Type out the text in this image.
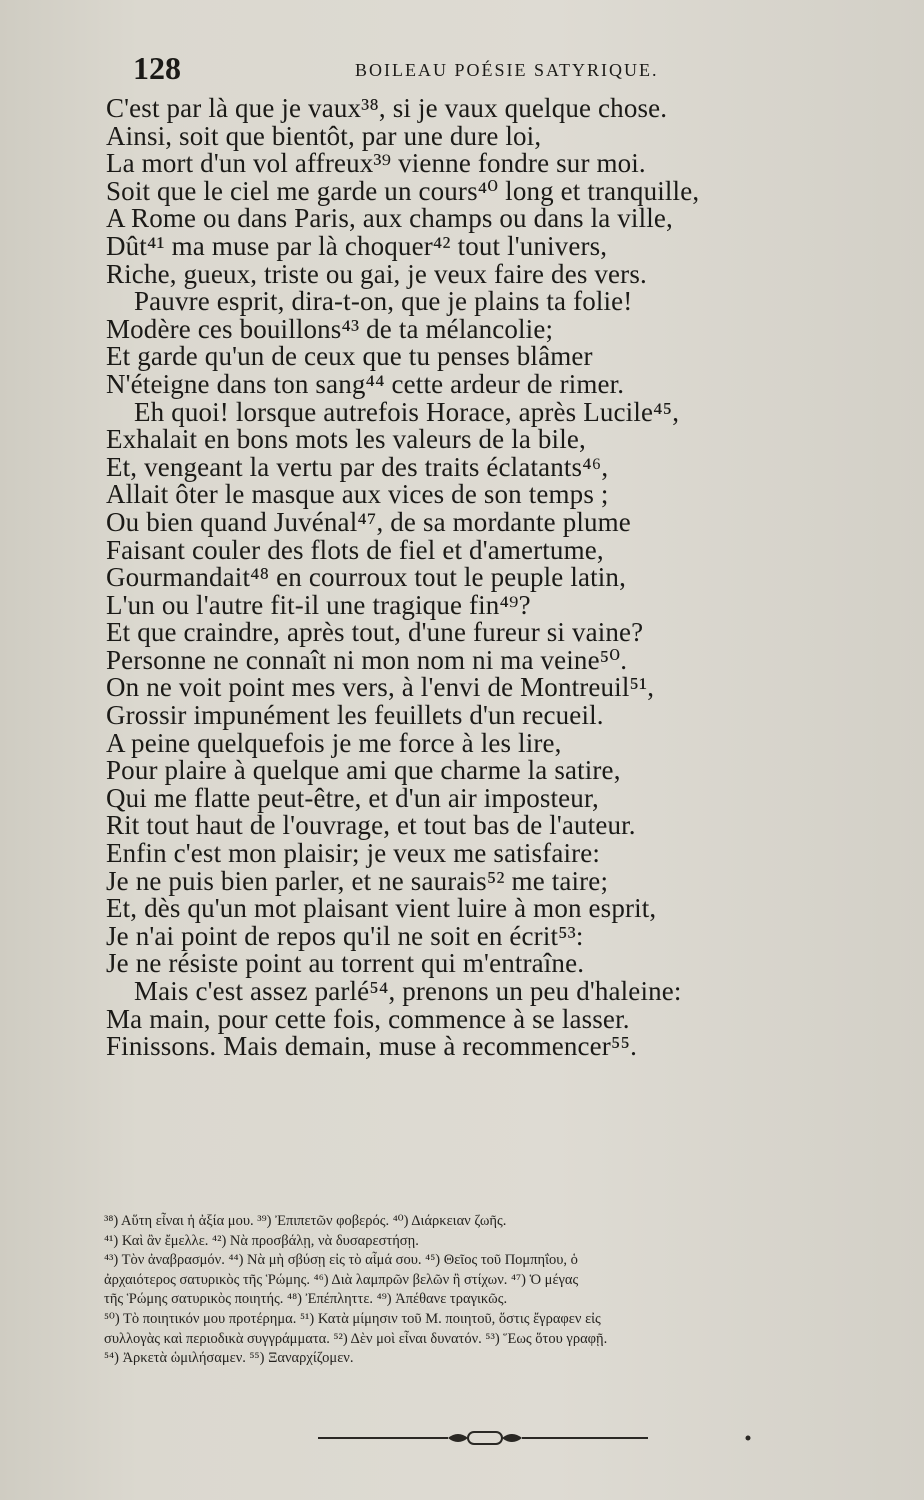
128	BOILEAU POÉSIE SATYRIQUE.
C'est par là que je vaux³⁸, si je vaux quelque chose.
Ainsi, soit que bientôt, par une dure loi,
La mort d'un vol affreux³⁹ vienne fondre sur moi.
Soit que le ciel me garde un cours⁴⁰ long et tranquille,
A Rome ou dans Paris, aux champs ou dans la ville,
Dût⁴¹ ma muse par là choquer⁴² tout l'univers,
Riche, gueux, triste ou gai, je veux faire des vers.
Pauvre esprit, dira-t-on, que je plains ta folie!
Modère ces bouillons⁴³ de ta mélancolie;
Et garde qu'un de ceux que tu penses blâmer
N'éteigne dans ton sang⁴⁴ cette ardeur de rimer.
Eh quoi! lorsque autrefois Horace, après Lucile⁴⁵,
Exhalait en bons mots les valeurs de la bile,
Et, vengeant la vertu par des traits éclatants⁴⁶,
Allait ôter le masque aux vices de son temps ;
Ou bien quand Juvénal⁴⁷, de sa mordante plume
Faisant couler des flots de fiel et d'amertume,
Gourmandait⁴⁸ en courroux tout le peuple latin,
L'un ou l'autre fit-il une tragique fin⁴⁹?
Et que craindre, après tout, d'une fureur si vaine?
Personne ne connaît ni mon nom ni ma veine⁵⁰.
On ne voit point mes vers, à l'envi de Montreuil⁵¹,
Grossir impunément les feuillets d'un recueil.
A peine quelquefois je me force à les lire,
Pour plaire à quelque ami que charme la satire,
Qui me flatte peut-être, et d'un air imposteur,
Rit tout haut de l'ouvrage, et tout bas de l'auteur.
Enfin c'est mon plaisir; je veux me satisfaire:
Je ne puis bien parler, et ne saurais⁵² me taire;
Et, dès qu'un mot plaisant vient luire à mon esprit,
Je n'ai point de repos qu'il ne soit en écrit⁵³:
Je ne résiste point au torrent qui m'entraîne.
Mais c'est assez parlé⁵⁴, prenons un peu d'haleine:
Ma main, pour cette fois, commence à se lasser.
Finissons. Mais demain, muse à recommencer⁵⁵.
³⁸) Αὕτη εἶναι ἡ ἀξία μου. ³⁹) Ἐπιπετῶν φοβερός. ⁴⁰) Διάρκειαν ζωῆς.
⁴¹) Καὶ ἂν ἔμελλε. ⁴²) Νὰ προσβάλῃ, νὰ δυσαρεστήσῃ.
⁴³) Τὸν ἀναβρασμόν. ⁴⁴) Νὰ μὴ σβύσῃ εἰς τὸ αἷμά σου. ⁴⁵) Θεῖος τοῦ Πομπηΐου, ὁ
ἀρχαιότερος σατυρικὸς τῆς Ῥώμης. ⁴⁶) Διὰ λαμπρῶν βελῶν ἢ στίχων. ⁴⁷) Ὁ μέγας
τῆς Ῥώμης σατυρικὸς ποιητής. ⁴⁸) Ἐπέπληττε. ⁴⁹) Ἀπέθανε τραγικῶς.
⁵⁰) Τὸ ποιητικόν μου προτέρημα. ⁵¹) Κατὰ μίμησιν τοῦ Μ. ποιητοῦ, ὅστις ἔγραφεν εἰς
συλλογὰς καὶ περιοδικὰ συγγράμματα. ⁵²) Δὲν μοὶ εἶναι δυνατόν. ⁵³) Ἕως ὅτου γραφῇ.
⁵⁴) Ἀρκετὰ ὡμιλήσαμεν. ⁵⁵) Ξαναρχίζομεν.
